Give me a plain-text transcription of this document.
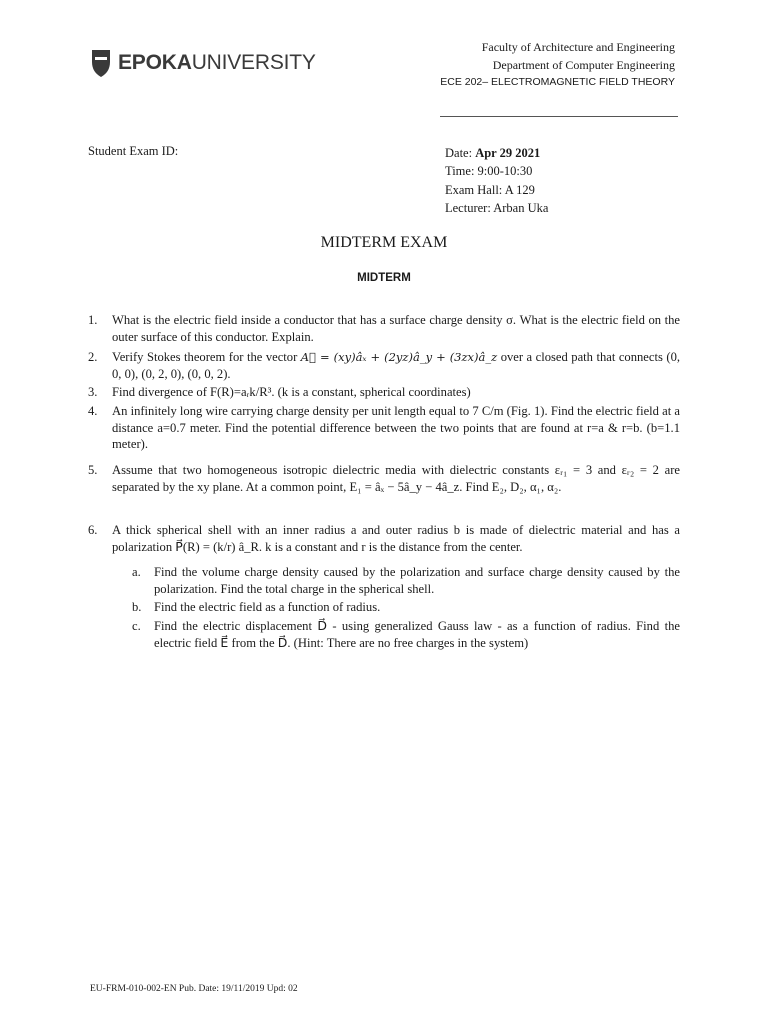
EPOKAUNIVERSITY
Faculty of Architecture and Engineering
Department of Computer Engineering
ECE 202– ELECTROMAGNETIC FIELD THEORY
Student Exam ID:	Date: Apr 29 2021
Time: 9:00-10:30
Exam Hall: A 129
Lecturer: Arban Uka
MIDTERM EXAM
MIDTERM
1.	What is the electric field inside a conductor that has a surface charge density σ. What is the electric field on the outer surface of this conductor. Explain.
2.	Verify Stokes theorem for the vector A⃗ = (xy)âₓ + (2yz)â_y + (3zx)â_z over a closed path that connects (0, 0, 0), (0, 2, 0), (0, 0, 2).
3.	Find divergence of F(R)=aᵣk/R³. (k is a constant, spherical coordinates)
4.	An infinitely long wire carrying charge density per unit length equal to 7 C/m (Fig. 1). Find the electric field at a distance a=0.7 meter. Find the potential difference between the two points that are found at r=a & r=b. (b=1.1 meter).
5.	Assume that two homogeneous isotropic dielectric media with dielectric constants εᵣ₁ = 3 and εᵣ₂ = 2 are separated by the xy plane. At a common point, E₁ = âₓ − 5â_y − 4â_z. Find E₂, D₂, α₁, α₂.
6.	A thick spherical shell with an inner radius a and outer radius b is made of dielectric material and has a polarization P⃗(R) = (k/r) â_R. k is a constant and r is the distance from the center.
a.	Find the volume charge density caused by the polarization and surface charge density caused by the polarization. Find the total charge in the spherical shell.
b. Find the electric field as a function of radius.
c.	Find the electric displacement D⃗ - using generalized Gauss law - as a function of radius. Find the electric field E⃗ from the D⃗. (Hint: There are no free charges in the system)
EU-FRM-010-002-EN Pub. Date: 19/11/2019 Upd: 02
